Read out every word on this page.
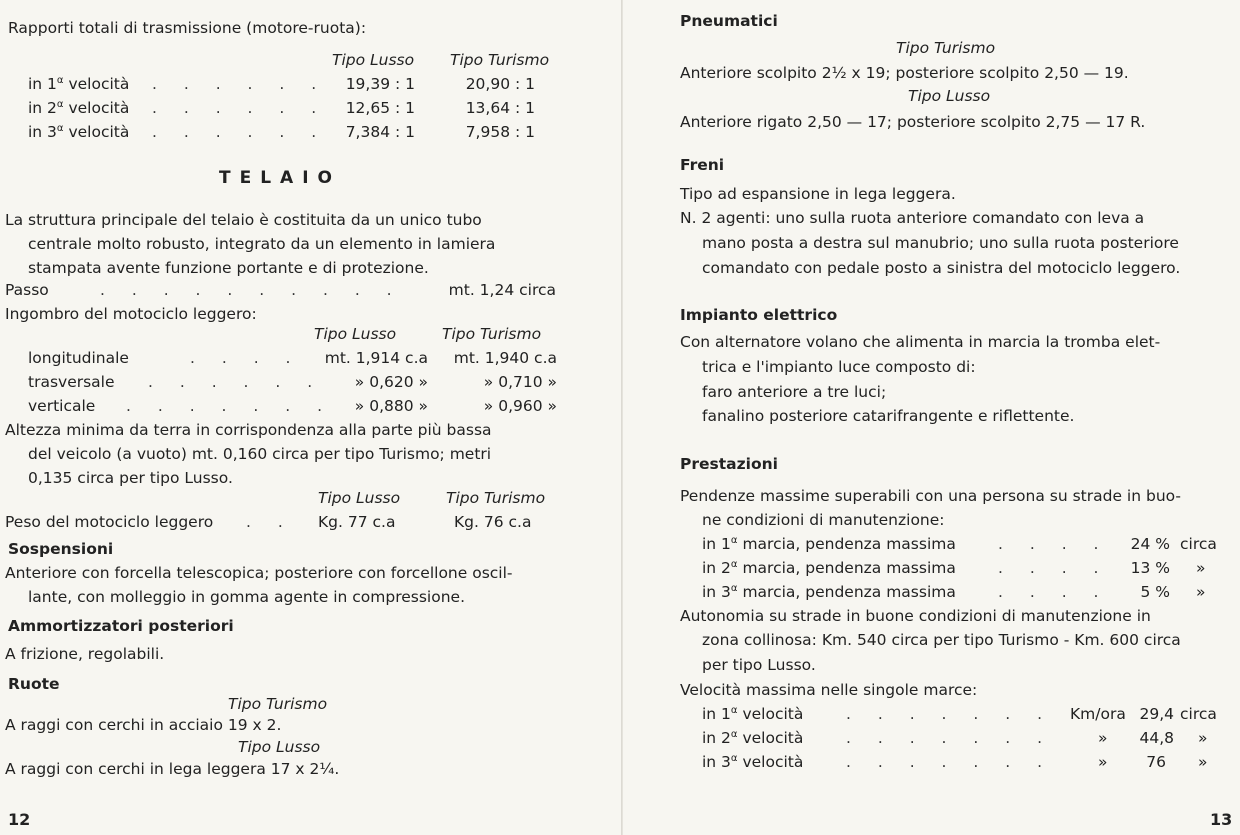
Rapporti totali di trasmissione (motore-ruota):
Tipo Lusso Tipo Turismo
in $1^\alpha$ velocità . . . . . .	19,39 : 1	20,90 : 1
in $2^\alpha$ velocità . . . . . .	12,65 : 1	13,64 : 1
in $3^\alpha$ velocità . . . . . .	7,384 : 1	7,958 : 1
TELAIO
La struttura principale del telaio è costituita da un unico tubo
centrale molto robusto, integrato da un elemento in lamiera
stampata avente funzione portante e di protezione.
Passo	. . . . . . . . . .	mt. 1,24 circa
Ingombro del motociclo leggero:
Tipo Lusso	Tipo Turismo
longitudinale	. . . .	mt. 1,914 c.a	mt. 1,940 c.a
trasversale . . . . . .	» 0,620 »	» 0,710 »
verticale . . . . . . .	» 0,880 »	» 0,960 »
Altezza minima da terra in corrispondenza alla parte più bassa
del veicolo (a vuoto) mt. 0,160 circa per tipo Turismo; metri
0,135 circa per tipo Lusso.
Tipo Lusso	Tipo Turismo
Peso del motociclo leggero . . Kg. 77 c.a	Kg. 76 c.a
Sospensioni
Anteriore con forcella telescopica; posteriore con forcellone oscil-
lante, con molleggio in gomma agente in compressione.
Ammortizzatori posteriori
A frizione, regolabili.
Ruote
Tipo Turismo
A raggi con cerchi in acciaio 19 x 2.
Tipo Lusso
A raggi con cerchi in lega leggera 17 x 2¼.
12
Pneumatici
Tipo Turismo
Anteriore scolpito 2½ x 19; posteriore scolpito 2,50 — 19.
Tipo Lusso
Anteriore rigato 2,50 — 17; posteriore scolpito 2,75 — 17 R.
Freni
Tipo ad espansione in lega leggera.
N. 2 agenti: uno sulla ruota anteriore comandato con leva a
mano posta a destra sul manubrio; uno sulla ruota posteriore
comandato con pedale posto a sinistra del motociclo leggero.
Impianto elettrico
Con alternatore volano che alimenta in marcia la tromba elet-
trica e l'impianto luce composto di:
faro anteriore a tre luci;
fanalino posteriore catarifrangente e riflettente.
Prestazioni
Pendenze massime superabili con una persona su strade in buo-
ne condizioni di manutenzione:
in $1^\alpha$ marcia, pendenza massima	. . . .	24 % circa
in $2^\alpha$ marcia, pendenza massima	. . . .	13 % »
in $3^\alpha$ marcia, pendenza massima	. . . .	5 % »
Autonomia su strade in buone condizioni di manutenzione in
zona collinosa: Km. 540 circa per tipo Turismo - Km. 600 circa
per tipo Lusso.
Velocità massima nelle singole marce:
in $1^\alpha$ velocità	. . . . . . . Km/ora 29,4 circa
in $2^\alpha$ velocità	. . . . . . .	»	44,8 »
in $3^\alpha$ velocità	. . . . . . .	»	76 »
13
